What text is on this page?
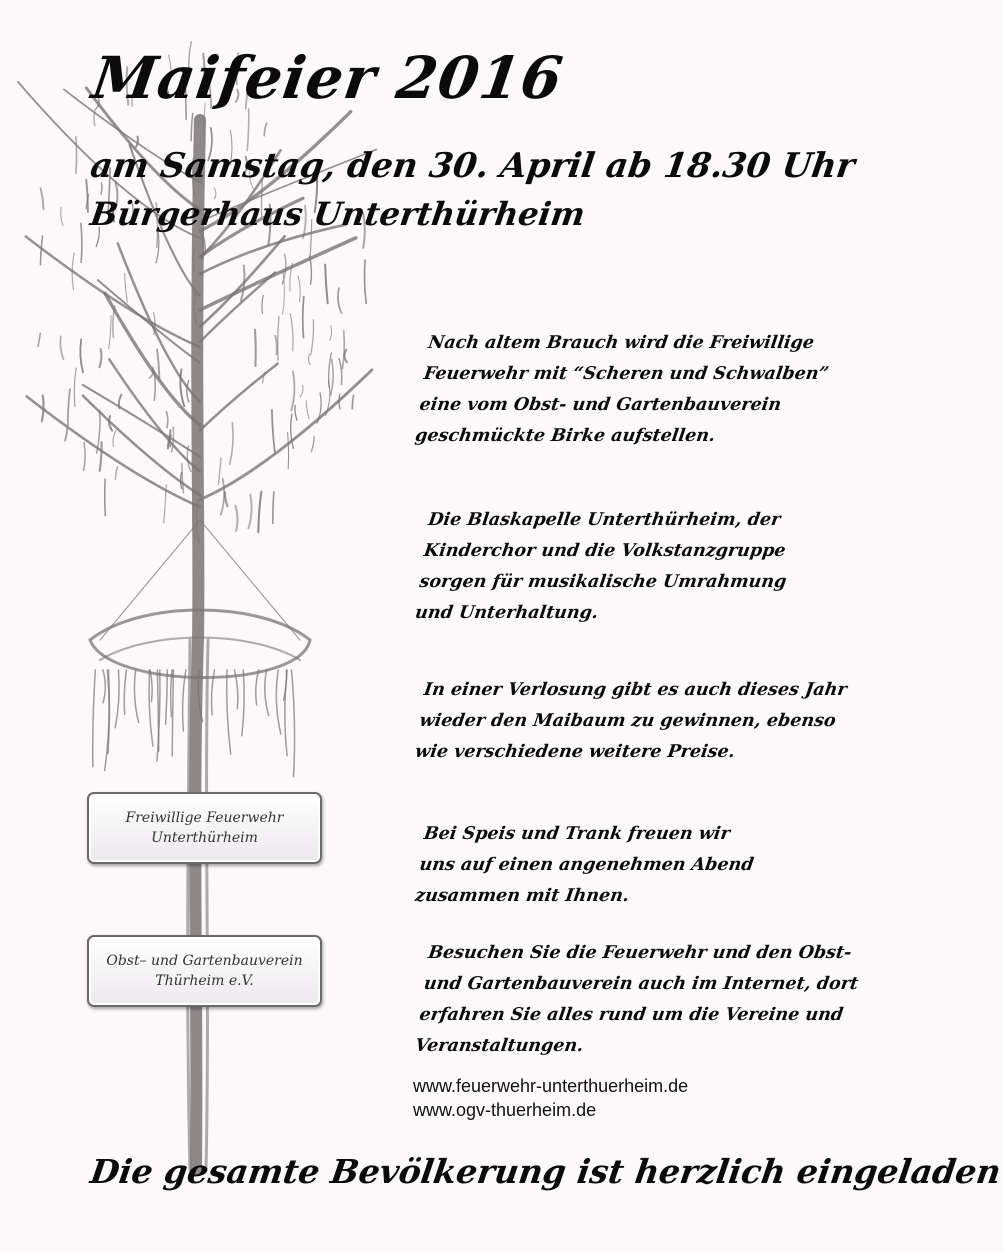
Maifeier 2016
am Samstag, den 30. April ab 18.30 Uhr
Bürgerhaus Unterthürheim
Nach altem Brauch wird die Freiwillige
Feuerwehr mit “Scheren und Schwalben”
eine vom Obst- und Gartenbauverein
geschmückte Birke aufstellen.
Die Blaskapelle Unterthürheim, der
Kinderchor und die Volkstanzgruppe
sorgen für musikalische Umrahmung
und Unterhaltung.
In einer Verlosung gibt es auch dieses Jahr
wieder den Maibaum zu gewinnen, ebenso
wie verschiedene weitere Preise.
Bei Speis und Trank freuen wir
uns auf einen angenehmen Abend
zusammen mit Ihnen.
Besuchen Sie die Feuerwehr und den Obst-
und Gartenbauverein auch im Internet, dort
erfahren Sie alles rund um die Vereine und
Veranstaltungen.
www.feuerwehr-unterthuerheim.de
www.ogv-thuerheim.de
Freiwillige Feuerwehr
Unterthürheim
Obst– und Gartenbauverein
Thürheim e.V.
Die gesamte Bevölkerung ist herzlich eingeladen
